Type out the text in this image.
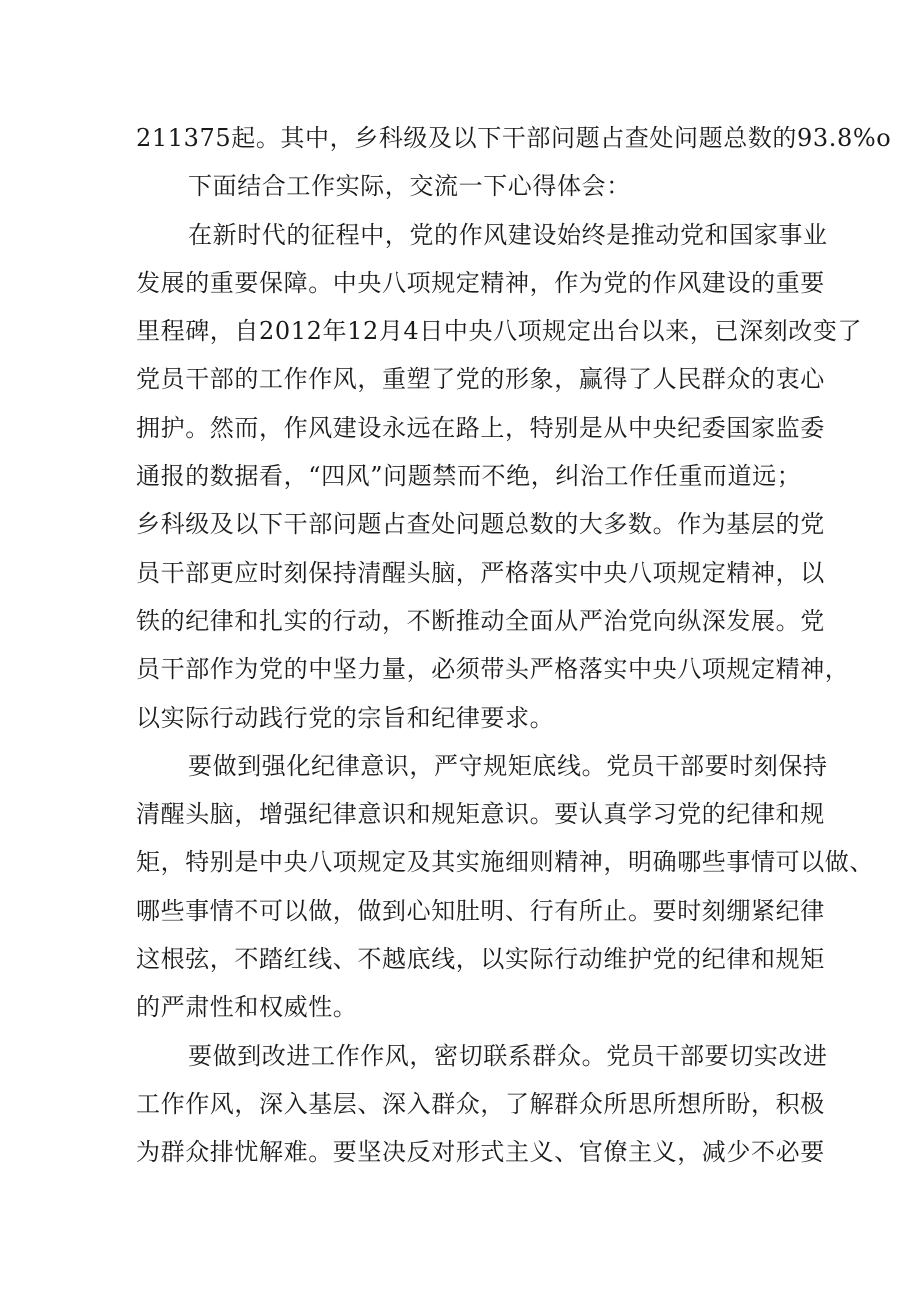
211375起。其中，乡科级及以下干部问题占查处问题总数的93.8%o

下面结合工作实际，交流一下心得体会：

在新时代的征程中，党的作风建设始终是推动党和国家事业
发展的重要保障。中央八项规定精神，作为党的作风建设的重要
里程碑，自2012年12月4日中央八项规定出台以来，已深刻改变了
党员干部的工作作风，重塑了党的形象，赢得了人民群众的衷心
拥护。然而，作风建设永远在路上，特别是从中央纪委国家监委
通报的数据看，“四风”问题禁而不绝，纠治工作任重而道远；
乡科级及以下干部问题占查处问题总数的大多数。作为基层的党
员干部更应时刻保持清醒头脑，严格落实中央八项规定精神，以
铁的纪律和扎实的行动，不断推动全面从严治党向纵深发展。党
员干部作为党的中坚力量，必须带头严格落实中央八项规定精神，
以实际行动践行党的宗旨和纪律要求。

要做到强化纪律意识，严守规矩底线。党员干部要时刻保持
清醒头脑，增强纪律意识和规矩意识。要认真学习党的纪律和规
矩，特别是中央八项规定及其实施细则精神，明确哪些事情可以做、
哪些事情不可以做，做到心知肚明、行有所止。要时刻绷紧纪律
这根弦，不踏红线、不越底线，以实际行动维护党的纪律和规矩
的严肃性和权威性。

要做到改进工作作风，密切联系群众。党员干部要切实改进
工作作风，深入基层、深入群众，了解群众所思所想所盼，积极
为群众排忧解难。要坚决反对形式主义、官僚主义，减少不必要
